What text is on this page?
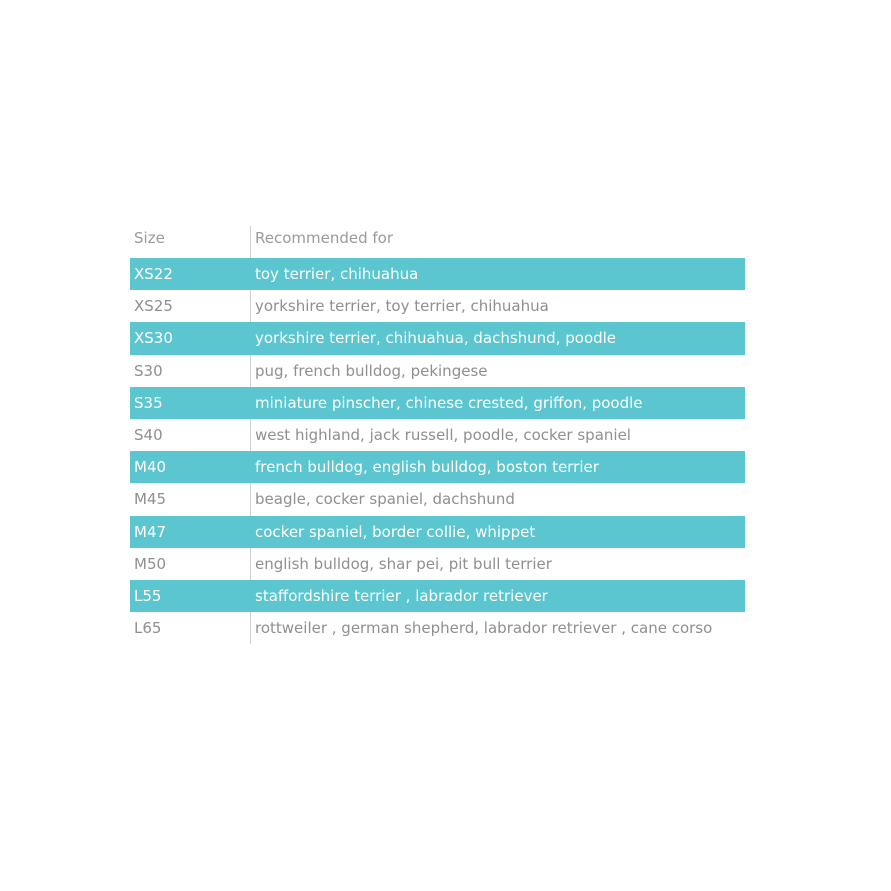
Size	Recommended for
XS22	toy terrier, chihuahua
XS25	yorkshire terrier, toy terrier, chihuahua
XS30	yorkshire terrier, chihuahua, dachshund, poodle
S30	pug, french bulldog, pekingese
S35	miniature pinscher, chinese crested, griffon, poodle
S40	west highland, jack russell, poodle, cocker spaniel
M40	french bulldog, english bulldog, boston terrier
M45	beagle, cocker spaniel, dachshund
M47	cocker spaniel, border collie, whippet
M50	english bulldog, shar pei, pit bull terrier
L55	staffordshire terrier , labrador retriever
L65	rottweiler , german shepherd, labrador retriever , cane corso
